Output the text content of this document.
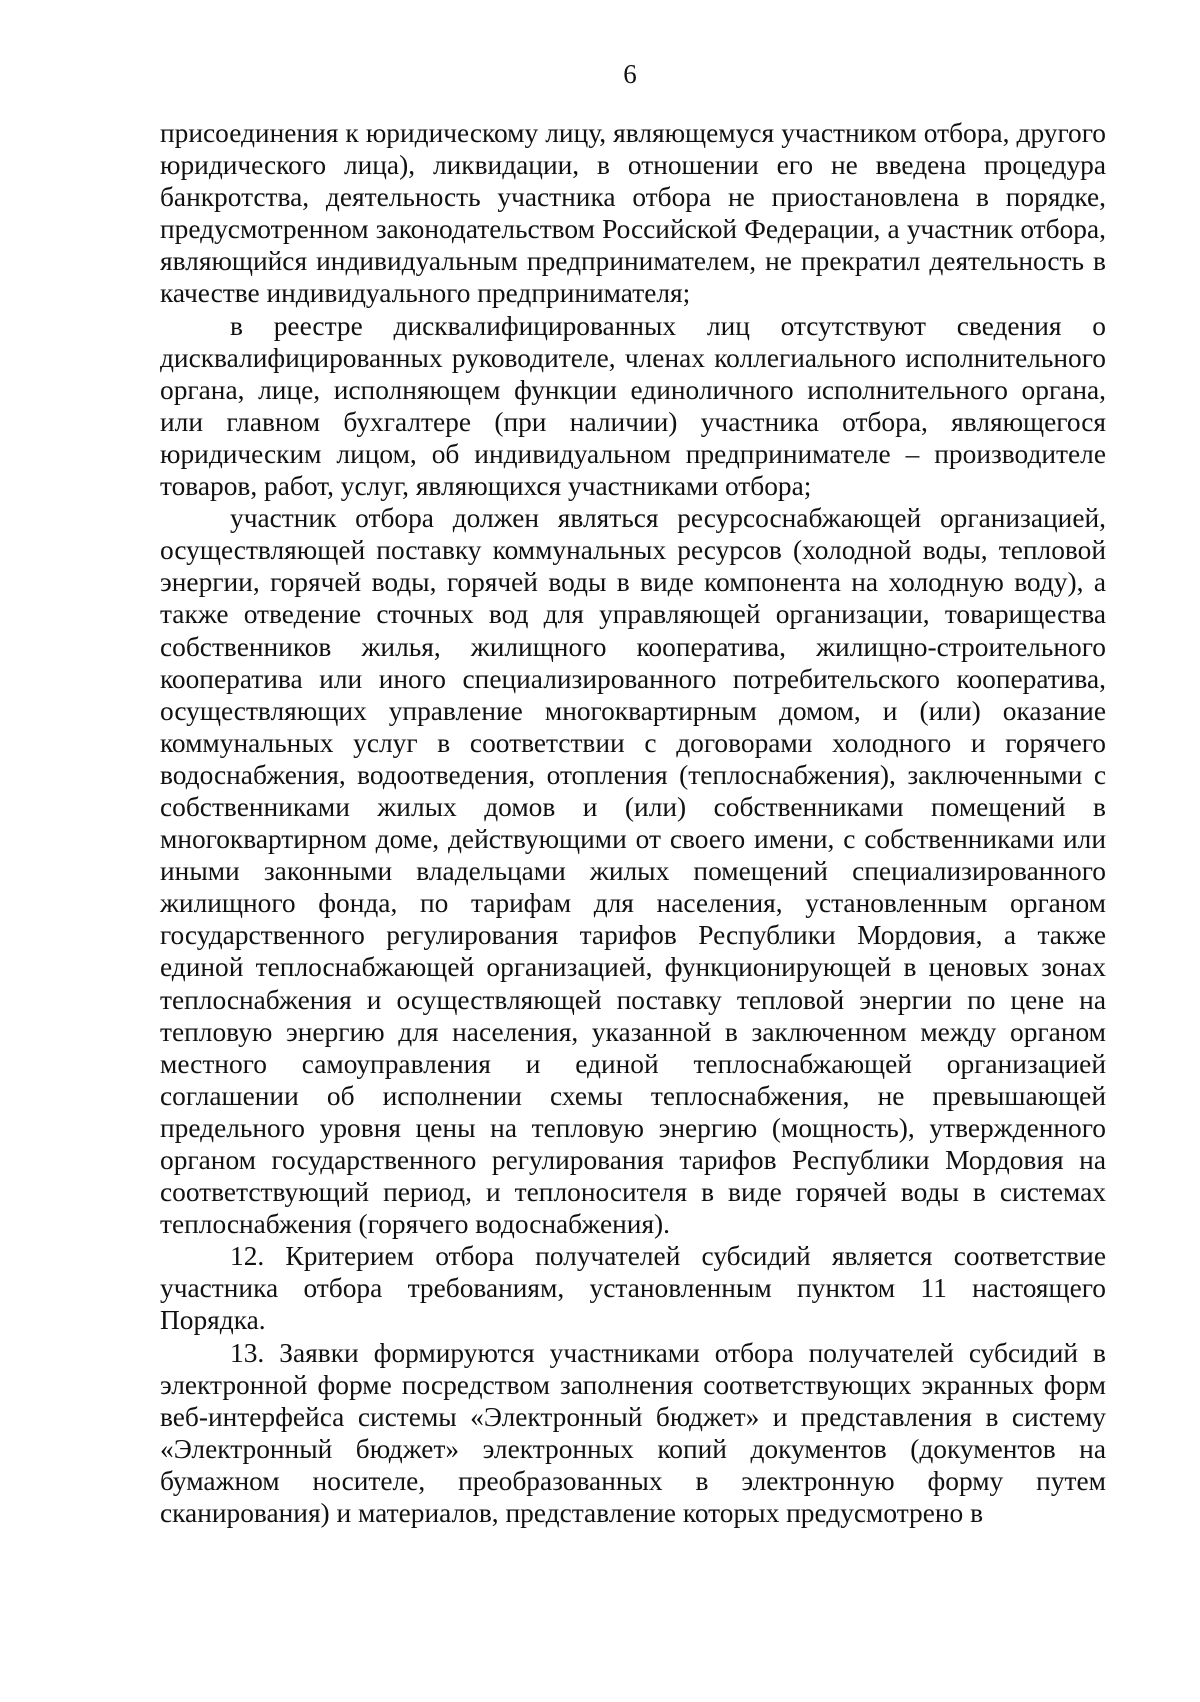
6

присоединения к юридическому лицу, являющемуся участником отбора, другого юридического лица), ликвидации, в отношении его не введена процедура банкротства, деятельность участника отбора не приостановлена в порядке, предусмотренном законодательством Российской Федерации, а участник отбора, являющийся индивидуальным предпринимателем, не прекратил деятельность в качестве индивидуального предпринимателя;

в реестре дисквалифицированных лиц отсутствуют сведения о дисквалифицированных руководителе, членах коллегиального исполнительного органа, лице, исполняющем функции единоличного исполнительного органа, или главном бухгалтере (при наличии) участника отбора, являющегося юридическим лицом, об индивидуальном предпринимателе – производителе товаров, работ, услуг, являющихся участниками отбора;

участник отбора должен являться ресурсоснабжающей организацией, осуществляющей поставку коммунальных ресурсов (холодной воды, тепловой энергии, горячей воды, горячей воды в виде компонента на холодную воду), а также отведение сточных вод для управляющей организации, товарищества собственников жилья, жилищного кооператива, жилищно-строительного кооператива или иного специализированного потребительского кооператива, осуществляющих управление многоквартирным домом, и (или) оказание коммунальных услуг в соответствии с договорами холодного и горячего водоснабжения, водоотведения, отопления (теплоснабжения), заключенными с собственниками жилых домов и (или) собственниками помещений в многоквартирном доме, действующими от своего имени, с собственниками или иными законными владельцами жилых помещений специализированного жилищного фонда, по тарифам для населения, установленным органом государственного регулирования тарифов Республики Мордовия, а также единой теплоснабжающей организацией, функционирующей в ценовых зонах теплоснабжения и осуществляющей поставку тепловой энергии по цене на тепловую энергию для населения, указанной в заключенном между органом местного самоуправления и единой теплоснабжающей организацией соглашении об исполнении схемы теплоснабжения, не превышающей предельного уровня цены на тепловую энергию (мощность), утвержденного органом государственного регулирования тарифов Республики Мордовия на соответствующий период, и теплоносителя в виде горячей воды в системах теплоснабжения (горячего водоснабжения).

12. Критерием отбора получателей субсидий является соответствие участника отбора требованиям, установленным пунктом 11 настоящего Порядка.

13. Заявки формируются участниками отбора получателей субсидий в электронной форме посредством заполнения соответствующих экранных форм веб-интерфейса системы «Электронный бюджет» и представления в систему «Электронный бюджет» электронных копий документов (документов на бумажном носителе, преобразованных в электронную форму путем сканирования) и материалов, представление которых предусмотрено в
